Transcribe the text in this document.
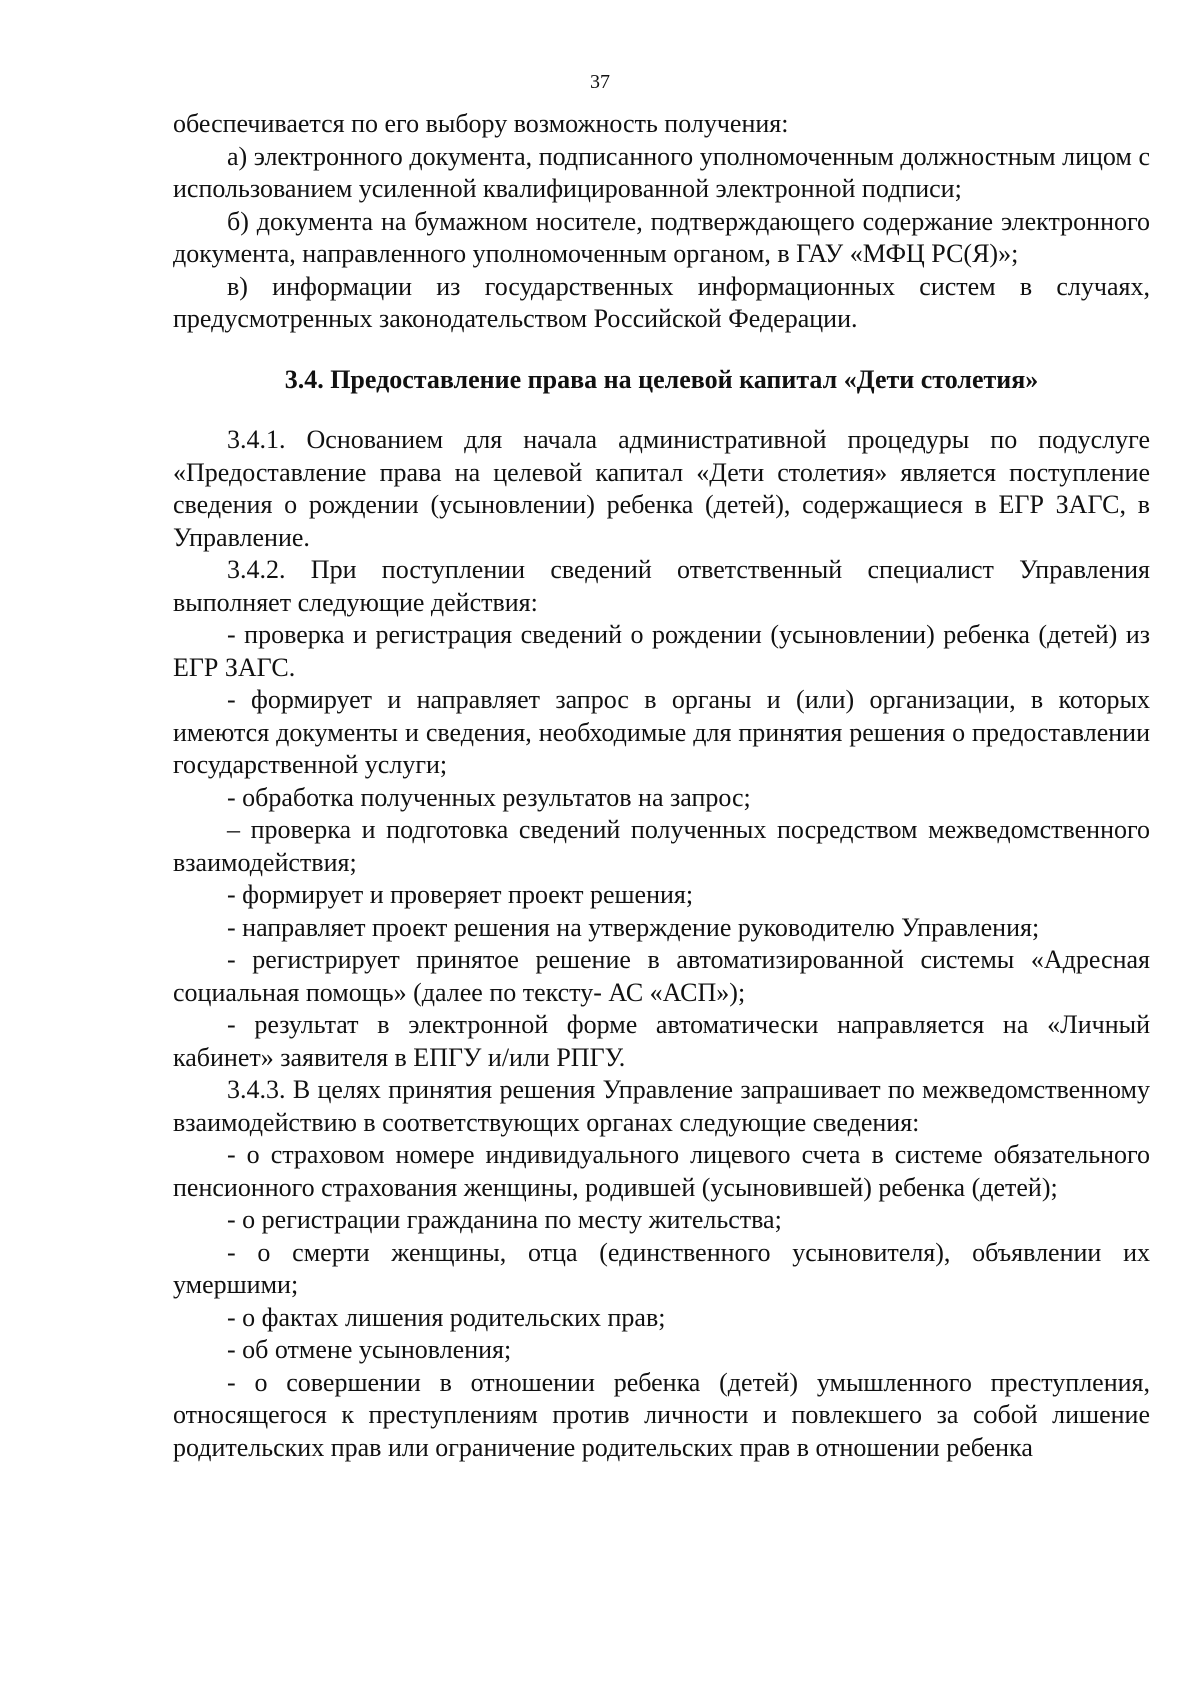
37

обеспечивается по его выбору возможность получения:

а) электронного документа, подписанного уполномоченным должностным лицом с использованием усиленной квалифицированной электронной подписи;

б) документа на бумажном носителе, подтверждающего содержание электронного документа, направленного уполномоченным органом, в ГАУ «МФЦ РС(Я)»;

в) информации из государственных информационных систем в случаях, предусмотренных законодательством Российской Федерации.

3.4. Предоставление права на целевой капитал «Дети столетия»

3.4.1. Основанием для начала административной процедуры по подуслуге «Предоставление права на целевой капитал «Дети столетия» является поступление сведения о рождении (усыновлении) ребенка (детей), содержащиеся в ЕГР ЗАГС, в Управление.

3.4.2. При поступлении сведений ответственный специалист Управления выполняет следующие действия:

- проверка и регистрация сведений о рождении (усыновлении) ребенка (детей) из ЕГР ЗАГС.

- формирует и направляет запрос в органы и (или) организации, в которых имеются документы и сведения, необходимые для принятия решения о предоставлении государственной услуги;

- обработка полученных результатов на запрос;

– проверка и подготовка сведений полученных посредством межведомственного взаимодействия;

- формирует и проверяет проект решения;

- направляет проект решения на утверждение руководителю Управления;

- регистрирует принятое решение в автоматизированной системы «Адресная социальная помощь» (далее по тексту- АС «АСП»);

- результат в электронной форме автоматически направляется на «Личный кабинет» заявителя в ЕПГУ и/или РПГУ.

3.4.3. В целях принятия решения Управление запрашивает по межведомственному взаимодействию в соответствующих органах следующие сведения:

- о страховом номере индивидуального лицевого счета в системе обязательного пенсионного страхования женщины, родившей (усыновившей) ребенка (детей);

- о регистрации гражданина по месту жительства;

- о смерти женщины, отца (единственного усыновителя), объявлении их умершими;

- о фактах лишения родительских прав;

- об отмене усыновления;

- о совершении в отношении ребенка (детей) умышленного преступления, относящегося к преступлениям против личности и повлекшего за собой лишение родительских прав или ограничение родительских прав в отношении ребенка
